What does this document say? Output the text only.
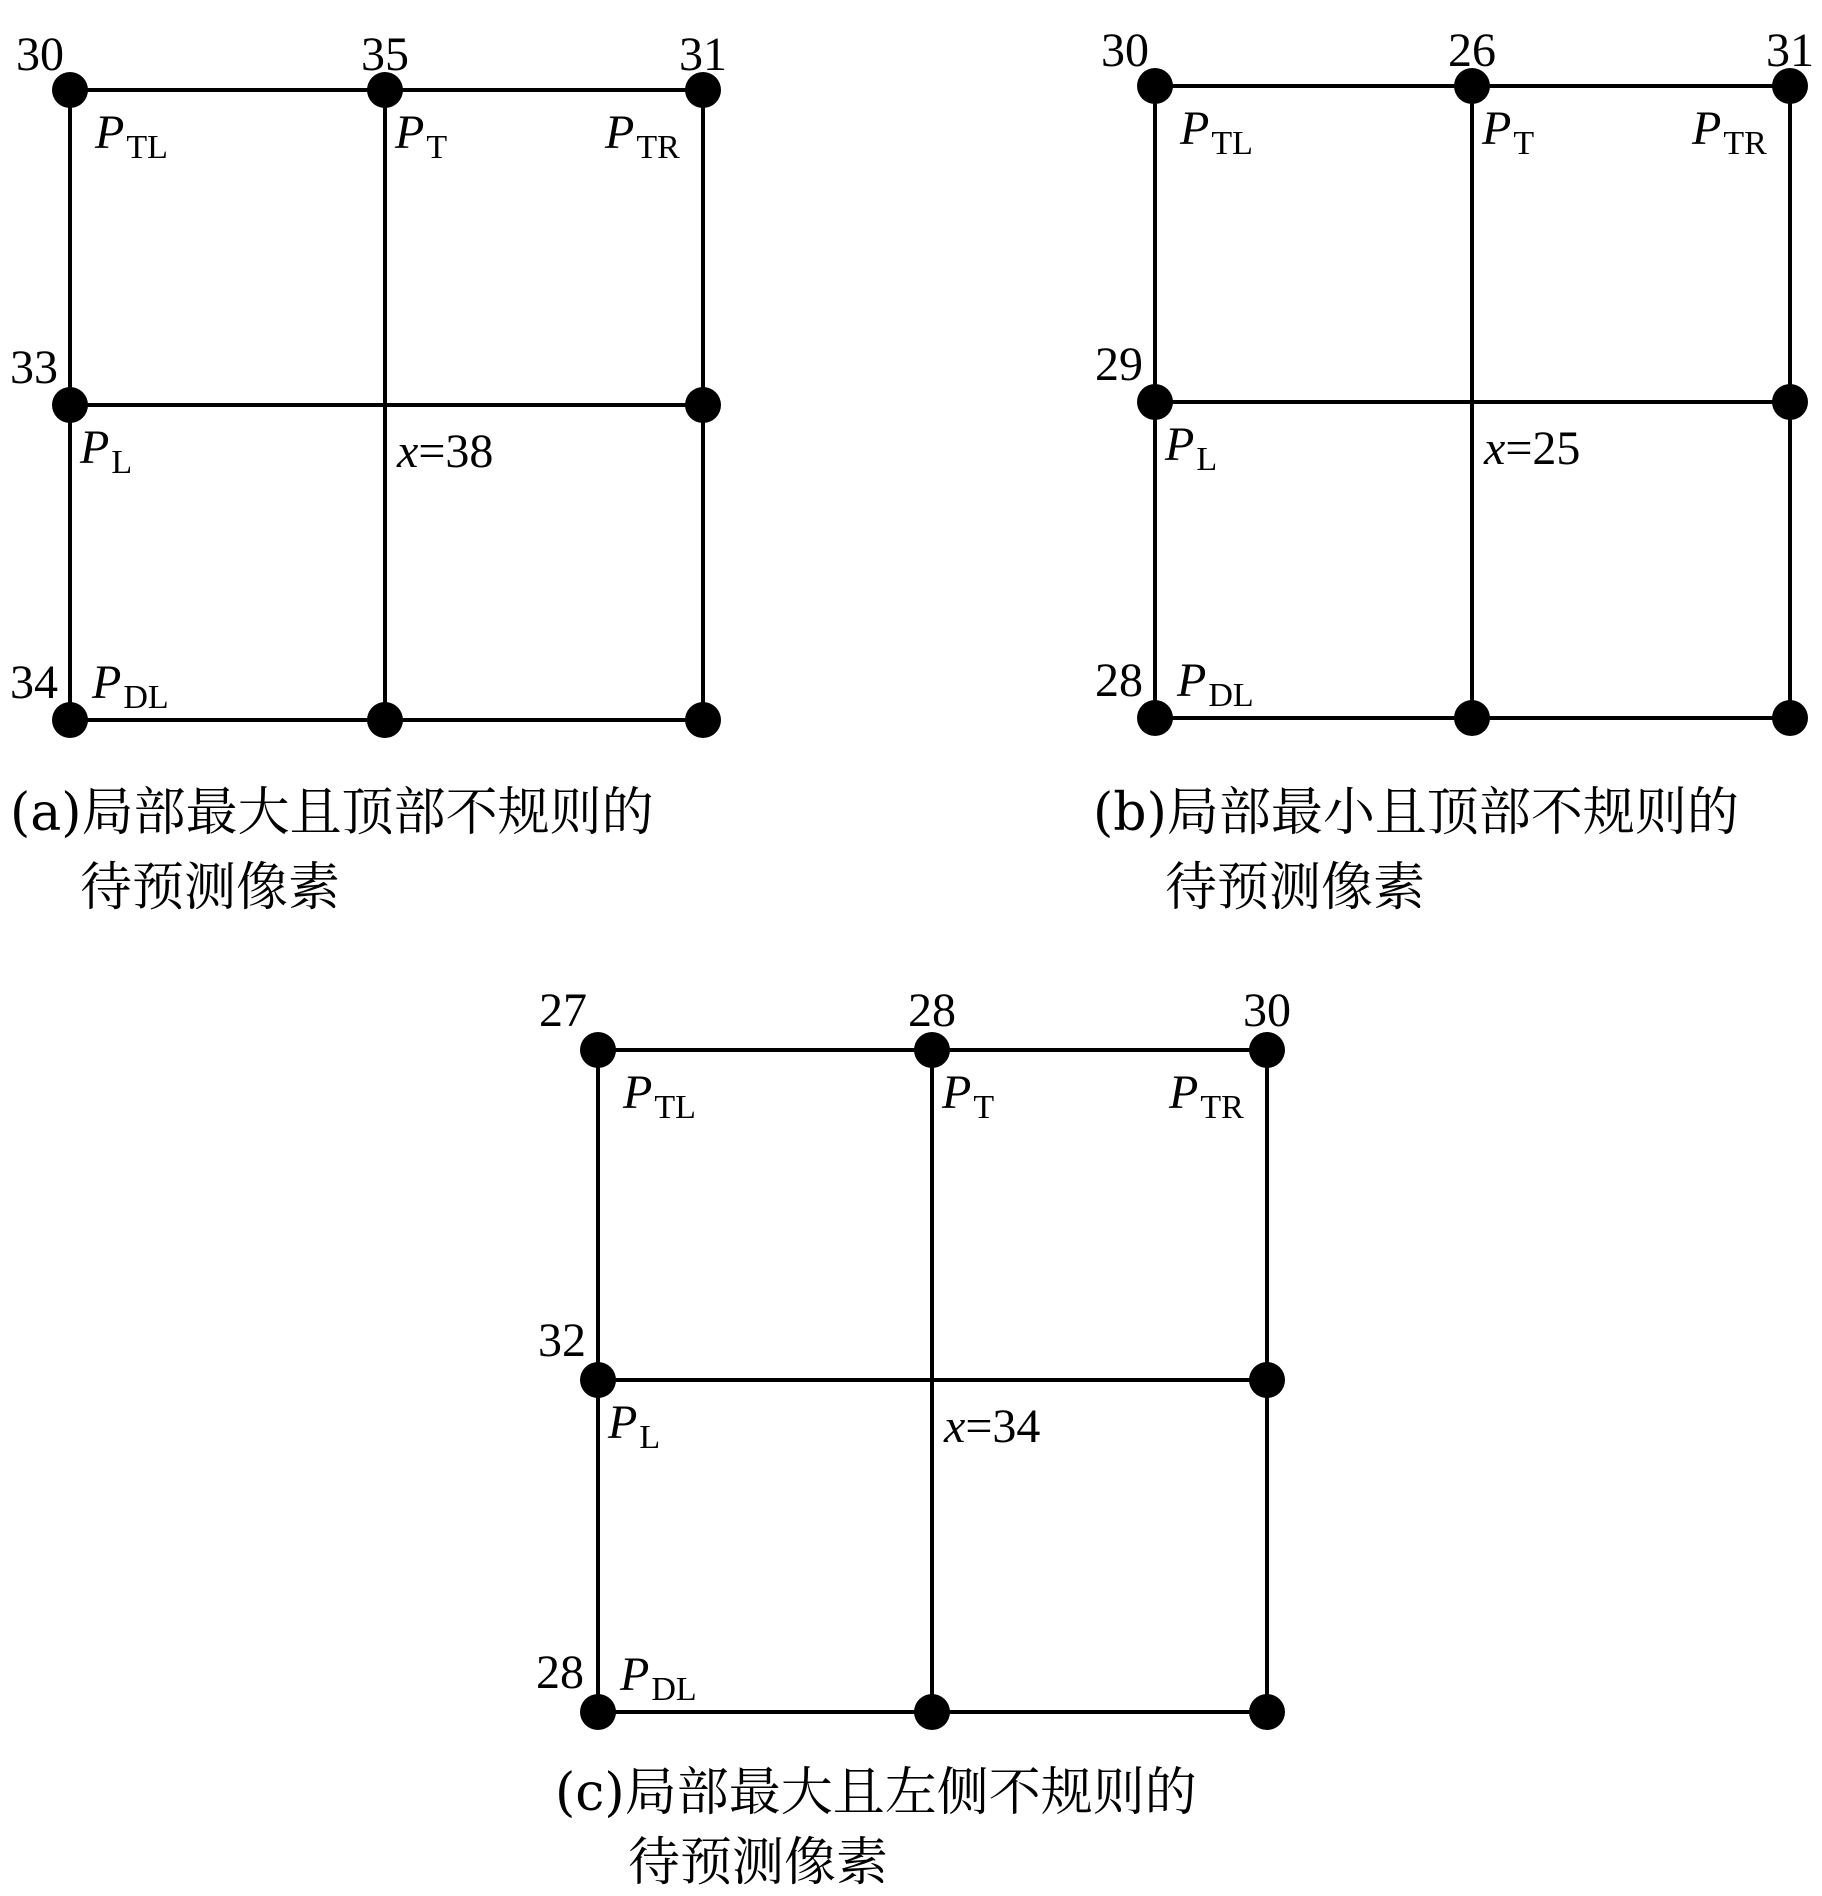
30	35	31
33
34
$P_{TL}$	$P_T$	$P_{TR}$
$P_L$
$P_{DL}$
x=38
(a)局部最大且顶部不规则的
待预测像素
30	26	31
29
28
$P_{TL}$	$P_T$	$P_{TR}$
$P_L$
$P_{DL}$
x=25
(b)局部最小且顶部不规则的
待预测像素
27	28	30
32
28
$P_{TL}$	$P_T$	$P_{TR}$
$P_L$
$P_{DL}$
x=34
(c)局部最大且左侧不规则的
待预测像素
